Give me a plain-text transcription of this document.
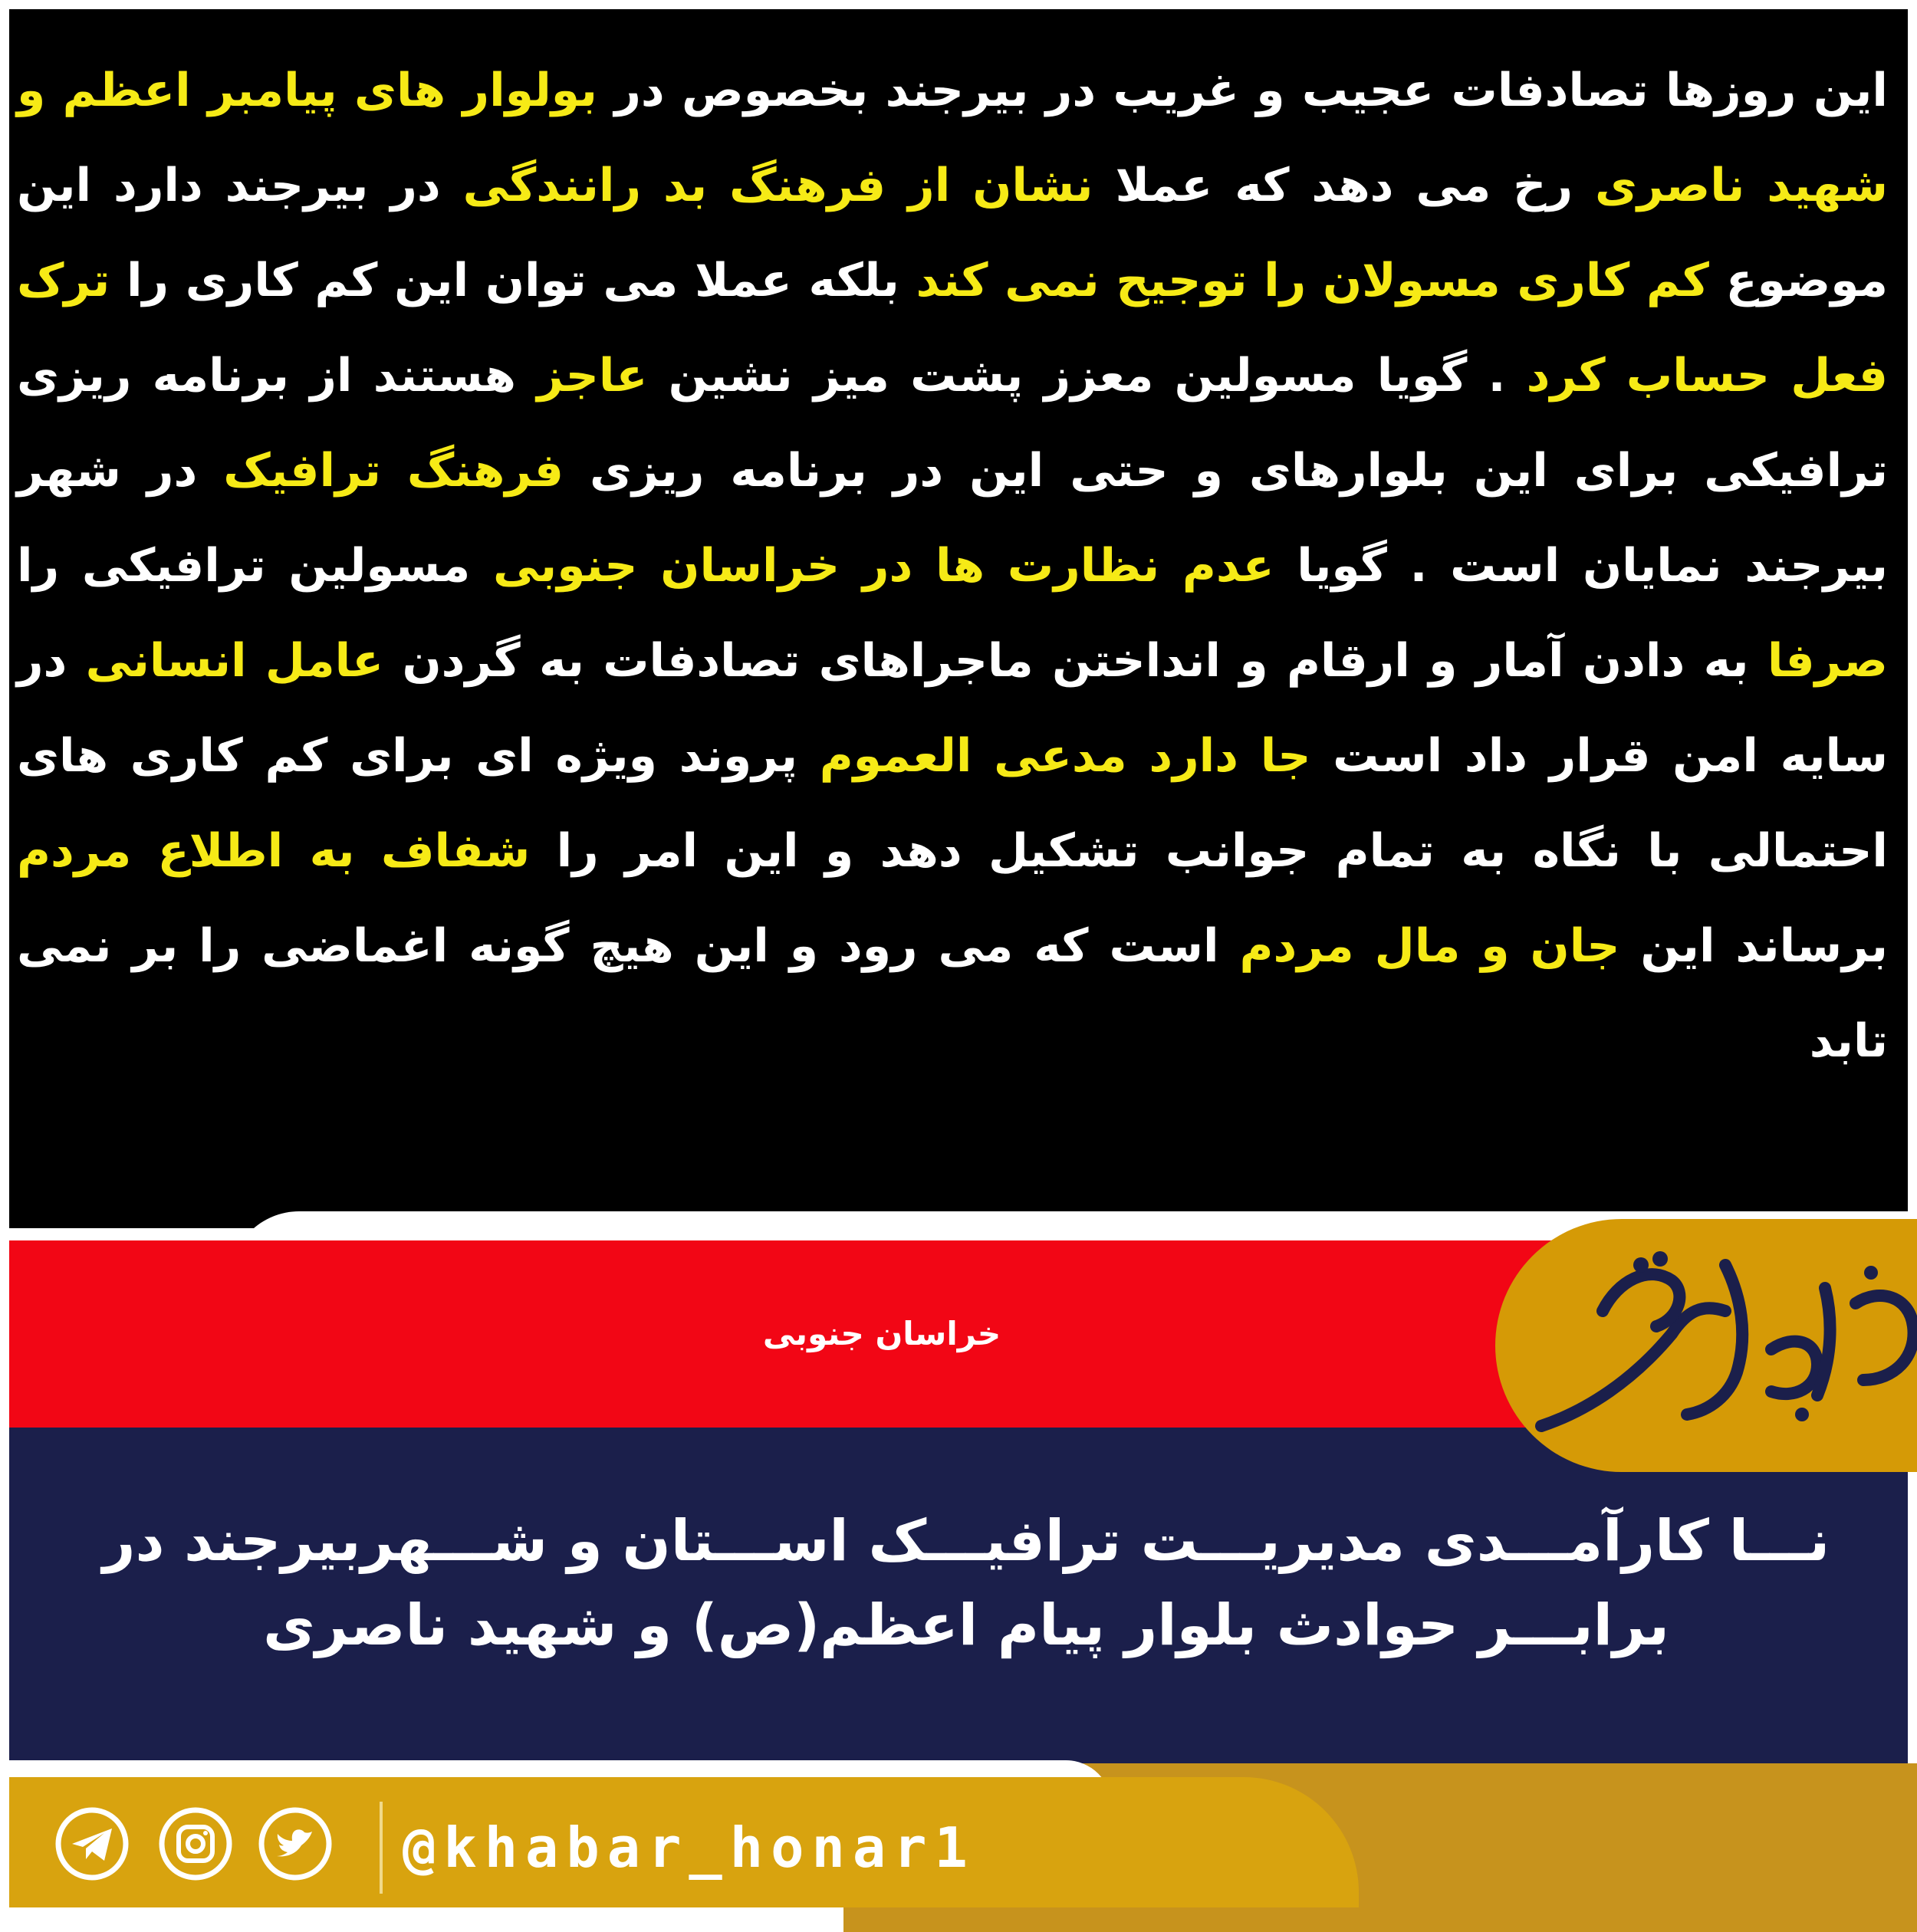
این روزها تصادفات عجیب و غریب در بیرجند بخصوص در بولوار های پیامبر اعظم و شهید ناصری رخ می دهد که عملا نشان از فرهنگ بد رانندگی در بیرجند دارد این موضوع کم کاری مسولان را توجیح نمی کند بلکه عملا می توان این کم کاری را ترک فعل حساب کرد . گویا مسولین معزز پشت میز نشین عاجز هستند از برنامه ریزی ترافیکی برای این بلوارهای و حتی این در برنامه ریزی فرهنگ ترافیک در شهر بیرجند نمایان است . گویا عدم نظارت ها در خراسان جنوبی مسولین ترافیکی را صرفا به دادن آمار و ارقام و انداختن ماجراهای تصادفات به گردن عامل انسانی در سایه امن قرار داد است جا دارد مدعی العموم پروند ویژه ای برای کم کاری های احتمالی با نگاه به تمام جوانب تشکیل دهد و این امر را شفاف به اطلاع مردم برساند این جان و مال مردم است که می رود و این هیچ گونه اغماضی را بر نمی تابد

خراسان جنوبی

نـــا کارآمـــدی مدیریـــت ترافیـــک اســـتان و شـــهربیرجند در برابـــر حوادث بلوار پیام اعظم(ص) و شهید ناصری

@khabar_honar1
